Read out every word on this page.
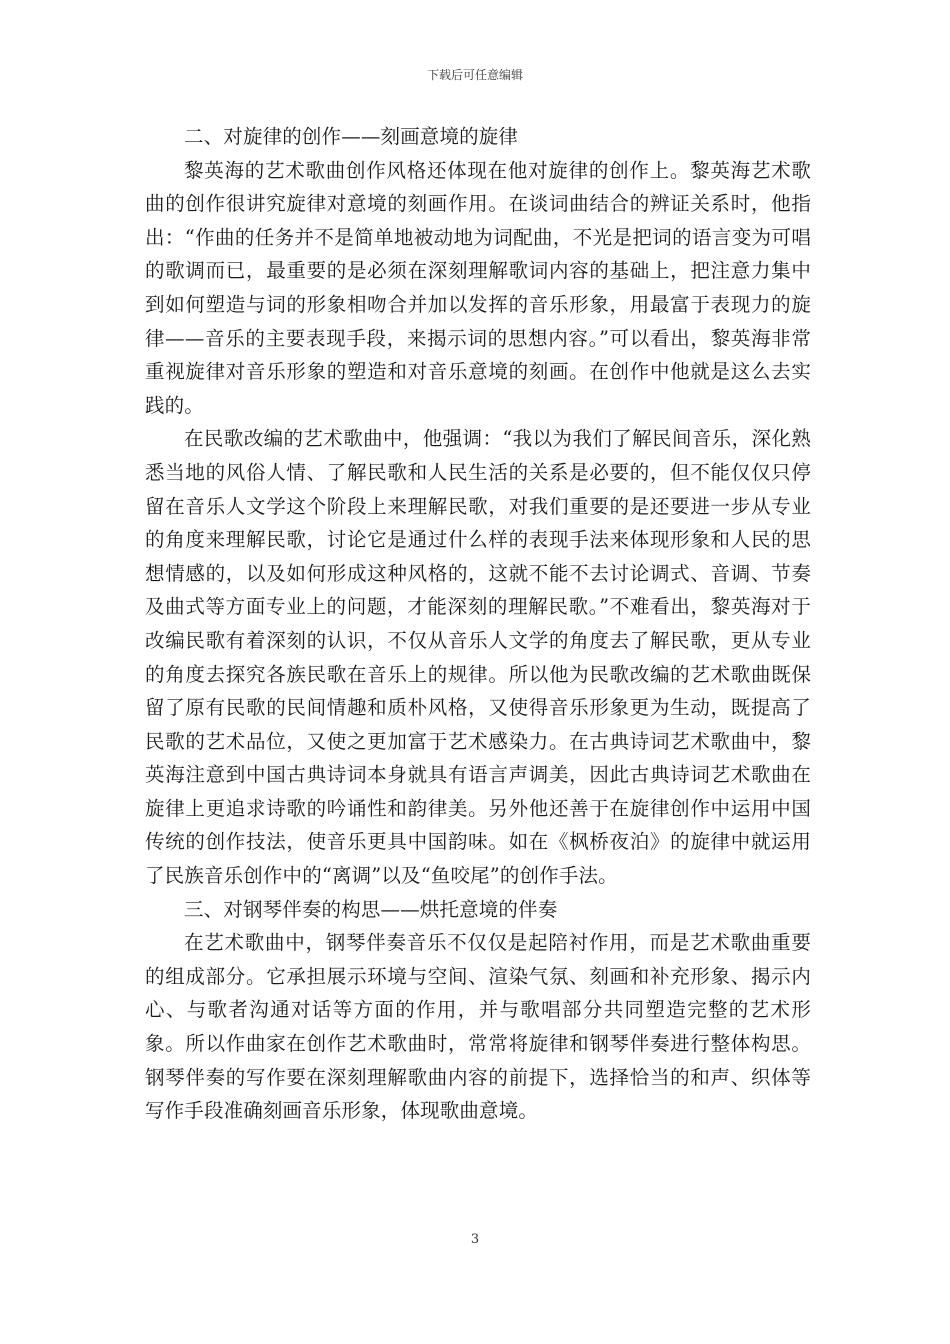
下载后可任意编辑

二、对旋律的创作——刻画意境的旋律

黎英海的艺术歌曲创作风格还体现在他对旋律的创作上。黎英海艺术歌曲的创作很讲究旋律对意境的刻画作用。在谈词曲结合的辨证关系时，他指出：“作曲的任务并不是简单地被动地为词配曲，不光是把词的语言变为可唱的歌调而已，最重要的是必须在深刻理解歌词内容的基础上，把注意力集中到如何塑造与词的形象相吻合并加以发挥的音乐形象，用最富于表现力的旋律——音乐的主要表现手段，来揭示词的思想内容。”可以看出，黎英海非常重视旋律对音乐形象的塑造和对音乐意境的刻画。在创作中他就是这么去实践的。

在民歌改编的艺术歌曲中，他强调：“我以为我们了解民间音乐，深化熟悉当地的风俗人情、了解民歌和人民生活的关系是必要的，但不能仅仅只停留在音乐人文学这个阶段上来理解民歌，对我们重要的是还要进一步从专业的角度来理解民歌，讨论它是通过什么样的表现手法来体现形象和人民的思想情感的，以及如何形成这种风格的，这就不能不去讨论调式、音调、节奏及曲式等方面专业上的问题，才能深刻的理解民歌。”不难看出，黎英海对于改编民歌有着深刻的认识，不仅从音乐人文学的角度去了解民歌，更从专业的角度去探究各族民歌在音乐上的规律。所以他为民歌改编的艺术歌曲既保留了原有民歌的民间情趣和质朴风格，又使得音乐形象更为生动，既提高了民歌的艺术品位，又使之更加富于艺术感染力。在古典诗词艺术歌曲中，黎英海注意到中国古典诗词本身就具有语言声调美，因此古典诗词艺术歌曲在旋律上更追求诗歌的吟诵性和韵律美。另外他还善于在旋律创作中运用中国传统的创作技法，使音乐更具中国韵味。如在《枫桥夜泊》的旋律中就运用了民族音乐创作中的“离调”以及“鱼咬尾”的创作手法。

三、对钢琴伴奏的构思——烘托意境的伴奏

在艺术歌曲中，钢琴伴奏音乐不仅仅是起陪衬作用，而是艺术歌曲重要的组成部分。它承担展示环境与空间、渲染气氛、刻画和补充形象、揭示内心、与歌者沟通对话等方面的作用，并与歌唱部分共同塑造完整的艺术形象。所以作曲家在创作艺术歌曲时，常常将旋律和钢琴伴奏进行整体构思。钢琴伴奏的写作要在深刻理解歌曲内容的前提下，选择恰当的和声、织体等写作手段准确刻画音乐形象，体现歌曲意境。

3
